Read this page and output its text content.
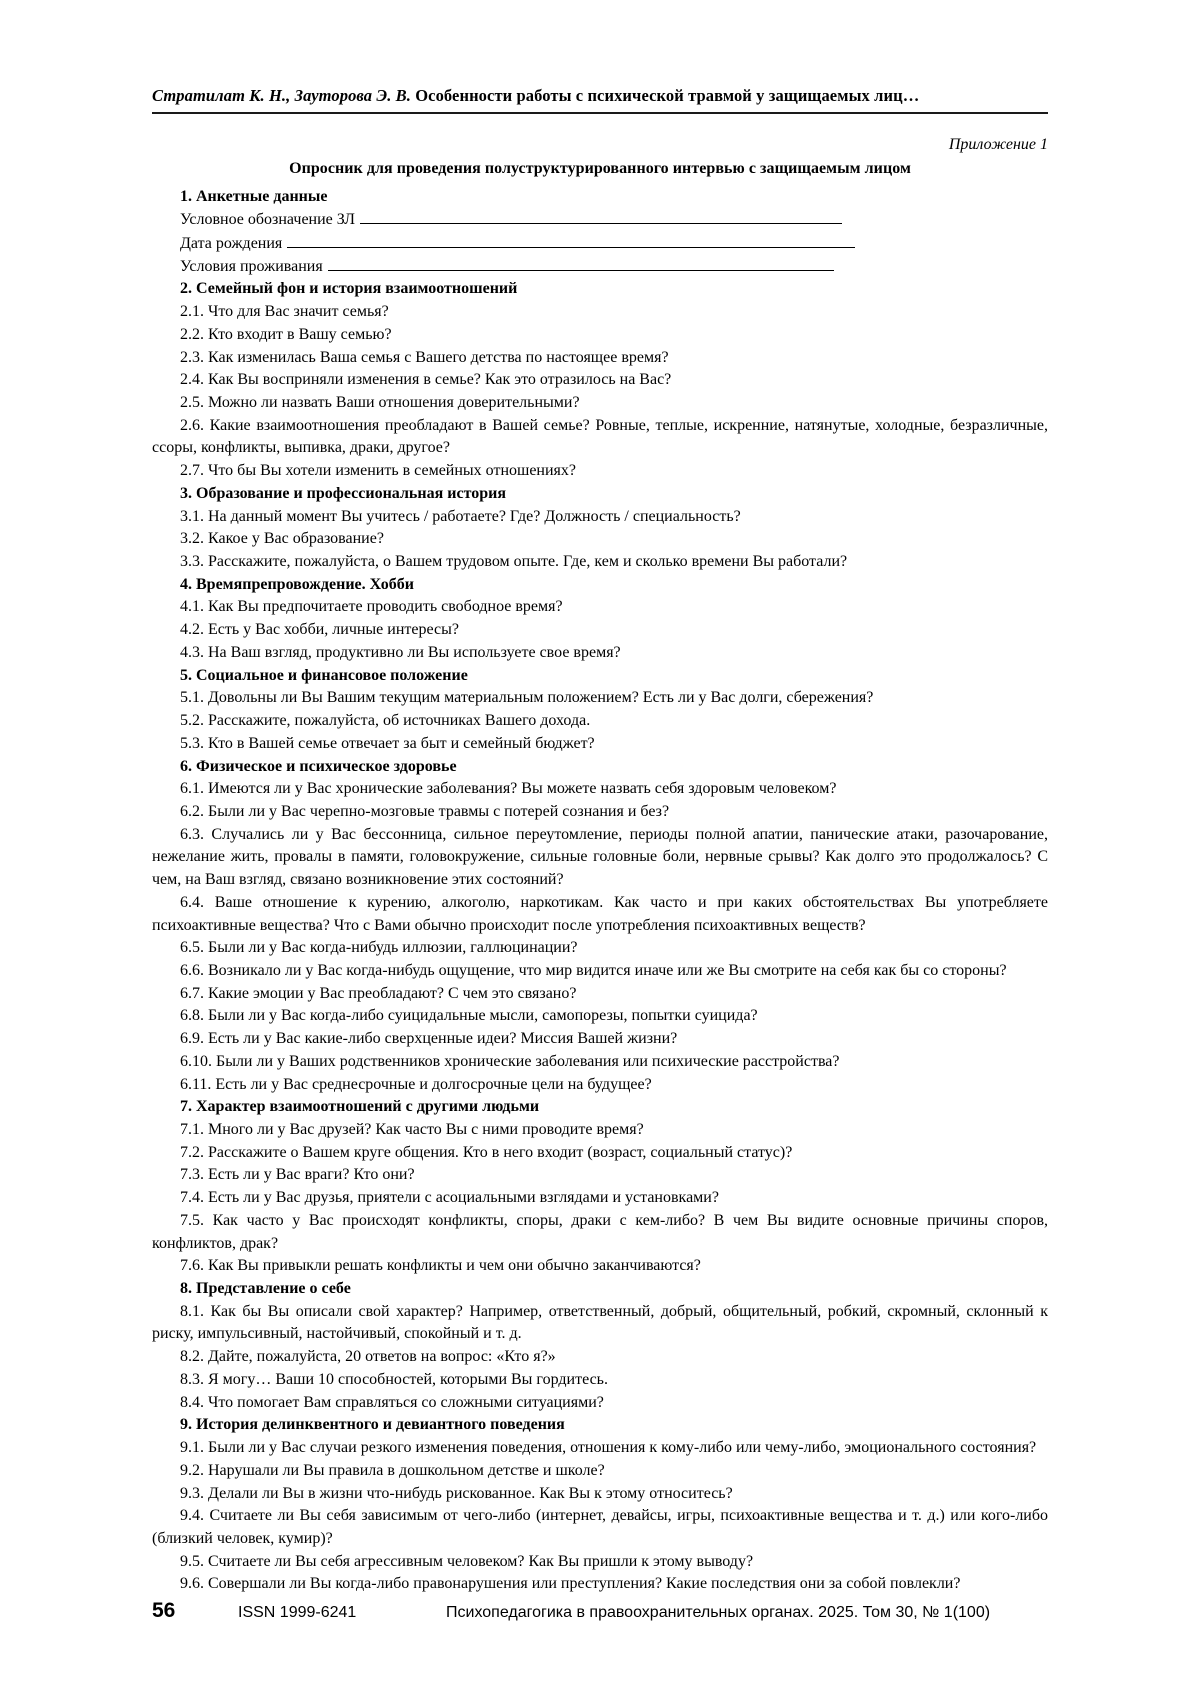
Стратилат К. Н., Зауторова Э. В. Особенности работы с психической травмой у защищаемых лиц…
Приложение 1
Опросник для проведения полуструктурированного интервью с защищаемым лицом

1. Анкетные данные

Условное обозначение ЗЛ

Дата рождения

Условия проживания

2. Семейный фон и история взаимоотношений

2.1. Что для Вас значит семья?

2.2. Кто входит в Вашу семью?

2.3. Как изменилась Ваша семья с Вашего детства по настоящее время?

2.4. Как Вы восприняли изменения в семье? Как это отразилось на Вас?

2.5. Можно ли назвать Ваши отношения доверительными?

2.6. Какие взаимоотношения преобладают в Вашей семье? Ровные, теплые, искренние, натянутые, холодные, безразличные, ссоры, конфликты, выпивка, драки, другое?

2.7. Что бы Вы хотели изменить в семейных отношениях?

3. Образование и профессиональная история

3.1. На данный момент Вы учитесь / работаете? Где? Должность / специальность?

3.2. Какое у Вас образование?

3.3. Расскажите, пожалуйста, о Вашем трудовом опыте. Где, кем и сколько времени Вы работали?

4. Времяпрепровождение. Хобби

4.1. Как Вы предпочитаете проводить свободное время?

4.2. Есть у Вас хобби, личные интересы?

4.3. На Ваш взгляд, продуктивно ли Вы используете свое время?

5. Социальное и финансовое положение

5.1. Довольны ли Вы Вашим текущим материальным положением? Есть ли у Вас долги, сбережения?

5.2. Расскажите, пожалуйста, об источниках Вашего дохода.

5.3. Кто в Вашей семье отвечает за быт и семейный бюджет?

6. Физическое и психическое здоровье

6.1. Имеются ли у Вас хронические заболевания? Вы можете назвать себя здоровым человеком?

6.2. Были ли у Вас черепно-мозговые травмы с потерей сознания и без?

6.3. Случались ли у Вас бессонница, сильное переутомление, периоды полной апатии, панические атаки, разочарование, нежелание жить, провалы в памяти, головокружение, сильные головные боли, нервные срывы? Как долго это продолжалось? С чем, на Ваш взгляд, связано возникновение этих состояний?

6.4. Ваше отношение к курению, алкоголю, наркотикам. Как часто и при каких обстоятельствах Вы употребляете психоактивные вещества? Что с Вами обычно происходит после употребления психоактивных веществ?

6.5. Были ли у Вас когда-нибудь иллюзии, галлюцинации?

6.6. Возникало ли у Вас когда-нибудь ощущение, что мир видится иначе или же Вы смотрите на себя как бы со стороны?

6.7. Какие эмоции у Вас преобладают? С чем это связано?

6.8. Были ли у Вас когда-либо суицидальные мысли, самопорезы, попытки суицида?

6.9. Есть ли у Вас какие-либо сверхценные идеи? Миссия Вашей жизни?

6.10. Были ли у Ваших родственников хронические заболевания или психические расстройства?

6.11. Есть ли у Вас среднесрочные и долгосрочные цели на будущее?

7. Характер взаимоотношений с другими людьми

7.1. Много ли у Вас друзей? Как часто Вы с ними проводите время?

7.2. Расскажите о Вашем круге общения. Кто в него входит (возраст, социальный статус)?

7.3. Есть ли у Вас враги? Кто они?

7.4. Есть ли у Вас друзья, приятели с асоциальными взглядами и установками?

7.5. Как часто у Вас происходят конфликты, споры, драки с кем-либо? В чем Вы видите основные причины споров, конфликтов, драк?

7.6. Как Вы привыкли решать конфликты и чем они обычно заканчиваются?

8. Представление о себе

8.1. Как бы Вы описали свой характер? Например, ответственный, добрый, общительный, робкий, скромный, склонный к риску, импульсивный, настойчивый, спокойный и т. д.

8.2. Дайте, пожалуйста, 20 ответов на вопрос: «Кто я?»

8.3. Я могу… Ваши 10 способностей, которыми Вы гордитесь.

8.4. Что помогает Вам справляться со сложными ситуациями?

9. История делинквентного и девиантного поведения

9.1. Были ли у Вас случаи резкого изменения поведения, отношения к кому-либо или чему-либо, эмоционального состояния?

9.2. Нарушали ли Вы правила в дошкольном детстве и школе?

9.3. Делали ли Вы в жизни что-нибудь рискованное. Как Вы к этому относитесь?

9.4. Считаете ли Вы себя зависимым от чего-либо (интернет, девайсы, игры, психоактивные вещества и т. д.) или кого-либо (близкий человек, кумир)?

9.5. Считаете ли Вы себя агрессивным человеком? Как Вы пришли к этому выводу?

9.6. Совершали ли Вы когда-либо правонарушения или преступления? Какие последствия они за собой повлекли?

56	ISSN 1999-6241	Психопедагогика в правоохранительных органах. 2025. Том 30, № 1(100)
